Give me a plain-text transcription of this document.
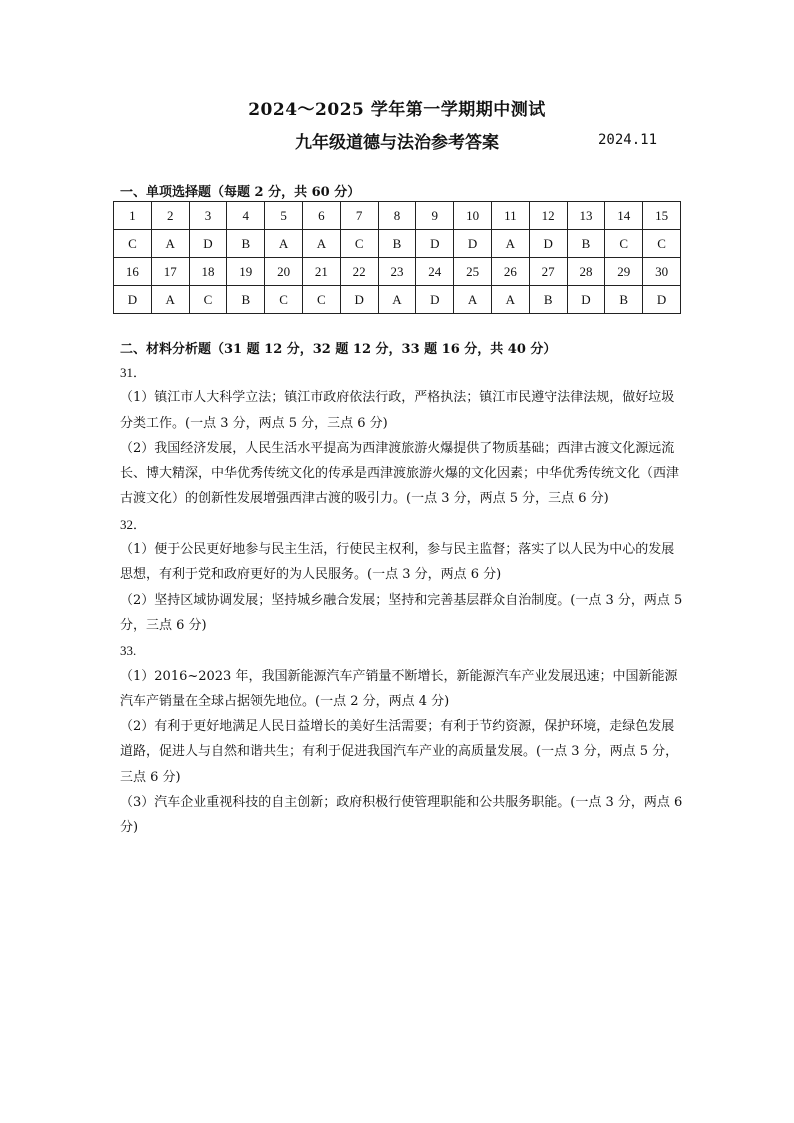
2024～2025 学年第一学期期中测试
九年级道德与法治参考答案	2024.11
一、单项选择题（每题 2 分，共 60 分）
1	2	3	4	5	6	7	8	9	10	11	12	13	14	15
C	A	D	B	A	A	C	B	D	D	A	D	B	C	C
16	17	18	19	20	21	22	23	24	25	26	27	28	29	30
D	A	C	B	C	C	D	A	D	A	A	B	D	B	D
二、材料分析题（31 题 12 分，32 题 12 分，33 题 16 分，共 40 分）

31．

（1）镇江市人大科学立法；镇江市政府依法行政，严格执法；镇江市民遵守法律法规，做好垃圾分类工作。(一点 3 分，两点 5 分，三点 6 分)

（2）我国经济发展，人民生活水平提高为西津渡旅游火爆提供了物质基础；西津古渡文化源远流长、博大精深，中华优秀传统文化的传承是西津渡旅游火爆的文化因素；中华优秀传统文化（西津古渡文化）的创新性发展增强西津古渡的吸引力。(一点 3 分，两点 5 分，三点 6 分)

32．

（1）便于公民更好地参与民主生活，行使民主权利，参与民主监督；落实了以人民为中心的发展思想，有利于党和政府更好的为人民服务。(一点 3 分，两点 6 分)

（2）坚持区域协调发展；坚持城乡融合发展；坚持和完善基层群众自治制度。(一点 3 分，两点 5 分，三点 6 分)

33.

（1）2016~2023 年，我国新能源汽车产销量不断增长，新能源汽车产业发展迅速；中国新能源汽车产销量在全球占据领先地位。(一点 2 分，两点 4 分)

（2）有利于更好地满足人民日益增长的美好生活需要；有利于节约资源，保护环境，走绿色发展道路，促进人与自然和谐共生；有利于促进我国汽车产业的高质量发展。(一点 3 分，两点 5 分，三点 6 分)

（3）汽车企业重视科技的自主创新；政府积极行使管理职能和公共服务职能。(一点 3 分，两点 6 分)
